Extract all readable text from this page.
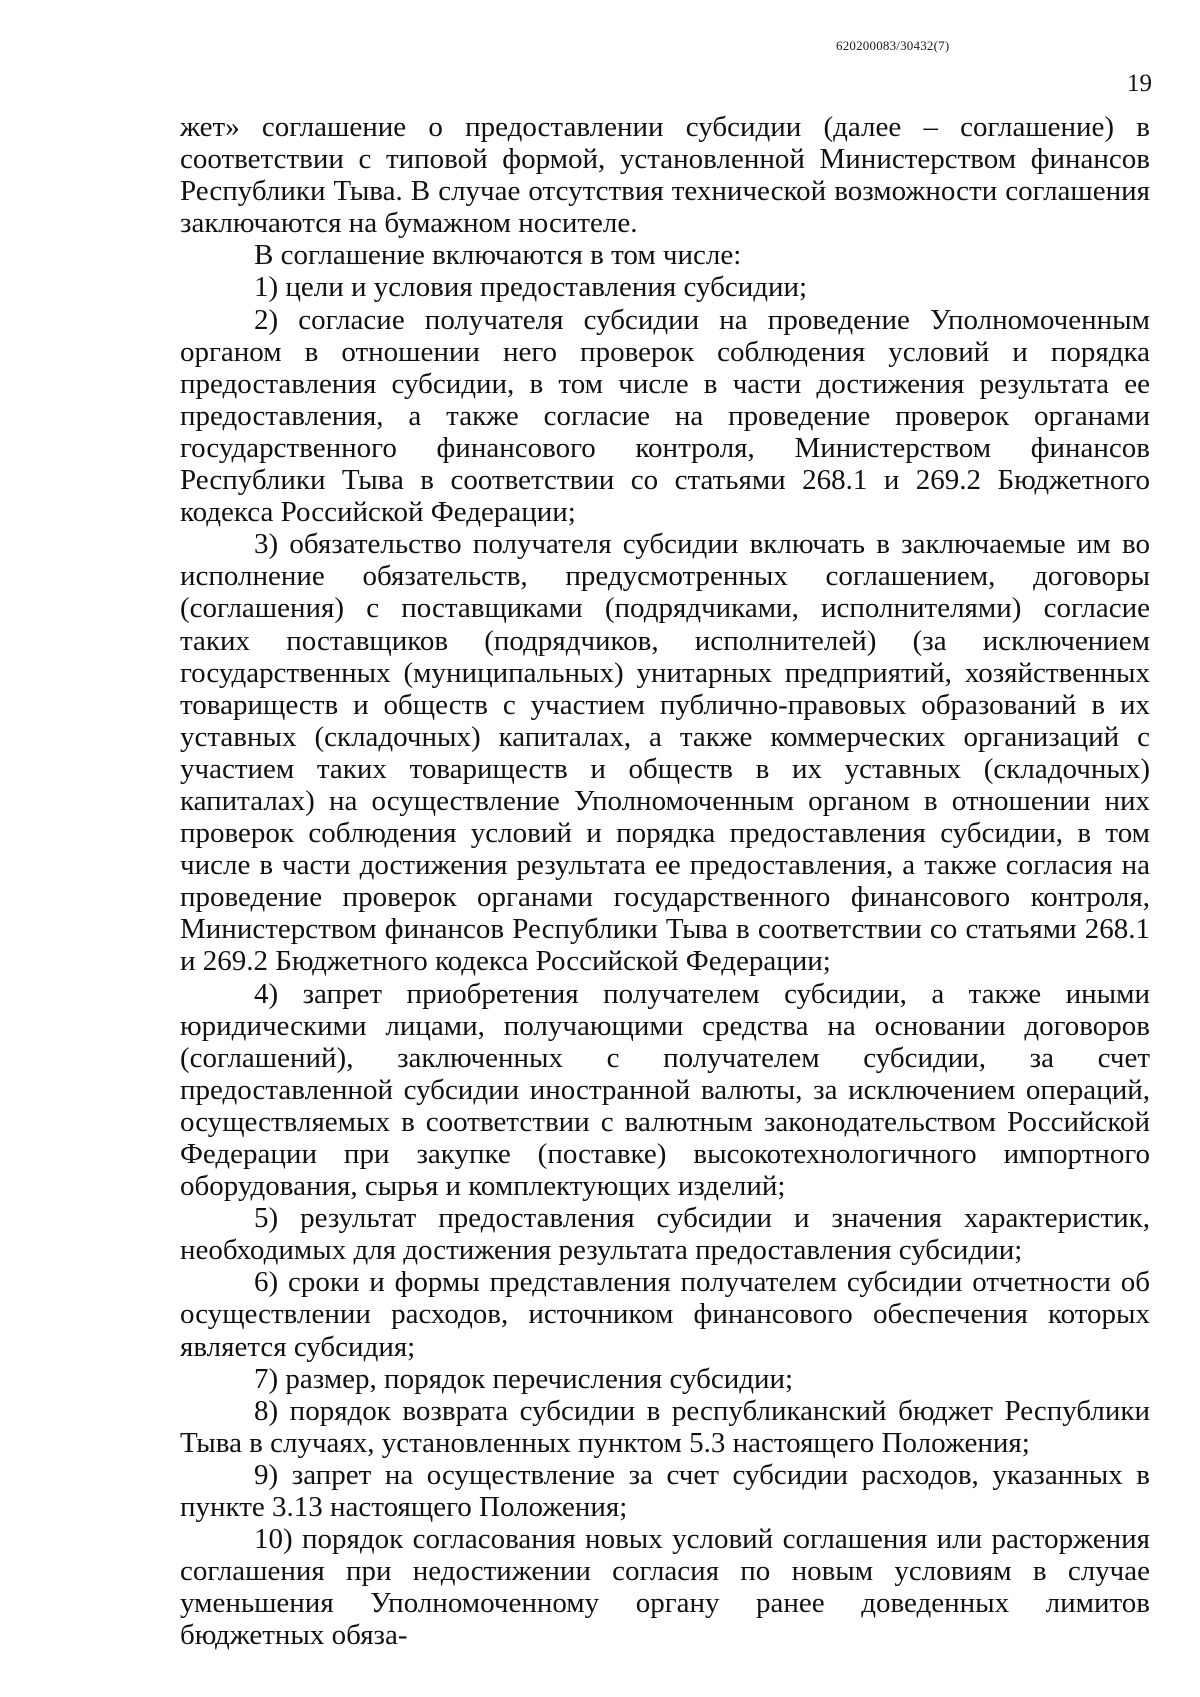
620200083/30432(7)
19

жет» соглашение о предоставлении субсидии (далее – соглашение) в соответствии с типовой формой, установленной Министерством финансов Республики Тыва. В случае отсутствия технической возможности соглашения заключаются на бумажном носителе.

В соглашение включаются в том числе:

1) цели и условия предоставления субсидии;

2) согласие получателя субсидии на проведение Уполномоченным органом в отношении него проверок соблюдения условий и порядка предоставления субсидии, в том числе в части достижения результата ее предоставления, а также согласие на проведение проверок органами государственного финансового контроля, Министерством финансов Республики Тыва в соответствии со статьями 268.1 и 269.2 Бюджетного кодекса Российской Федерации;

3) обязательство получателя субсидии включать в заключаемые им во исполнение обязательств, предусмотренных соглашением, договоры (соглашения) с поставщиками (подрядчиками, исполнителями) согласие таких поставщиков (подрядчиков, исполнителей) (за исключением государственных (муниципальных) унитарных предприятий, хозяйственных товариществ и обществ с участием публично-правовых образований в их уставных (складочных) капиталах, а также коммерческих организаций с участием таких товариществ и обществ в их уставных (складочных) капиталах) на осуществление Уполномоченным органом в отношении них проверок соблюдения условий и порядка предоставления субсидии, в том числе в части достижения результата ее предоставления, а также согласия на проведение проверок органами государственного финансового контроля, Министерством финансов Республики Тыва в соответствии со статьями 268.1 и 269.2 Бюджетного кодекса Российской Федерации;

4) запрет приобретения получателем субсидии, а также иными юридическими лицами, получающими средства на основании договоров (соглашений), заключенных с получателем субсидии, за счет предоставленной субсидии иностранной валюты, за исключением операций, осуществляемых в соответствии с валютным законодательством Российской Федерации при закупке (поставке) высокотехнологичного импортного оборудования, сырья и комплектующих изделий;

5) результат предоставления субсидии и значения характеристик, необходимых для достижения результата предоставления субсидии;

6) сроки и формы представления получателем субсидии отчетности об осуществлении расходов, источником финансового обеспечения которых является субсидия;

7) размер, порядок перечисления субсидии;

8) порядок возврата субсидии в республиканский бюджет Республики Тыва в случаях, установленных пунктом 5.3 настоящего Положения;

9) запрет на осуществление за счет субсидии расходов, указанных в пункте 3.13 настоящего Положения;

10) порядок согласования новых условий соглашения или расторжения соглашения при недостижении согласия по новым условиям в случае уменьшения Уполномоченному органу ранее доведенных лимитов бюджетных обяза-
